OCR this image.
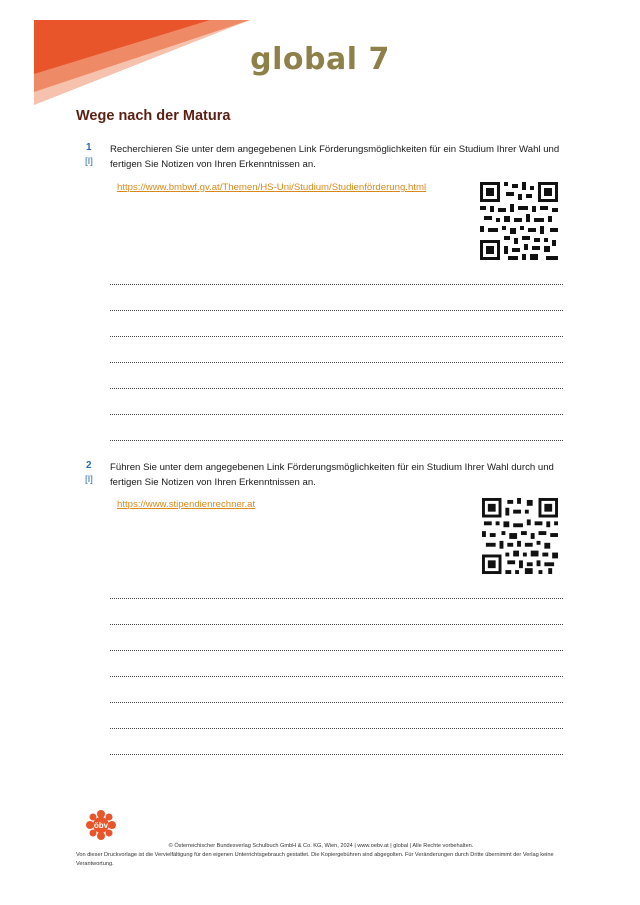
global 7
Wege nach der Matura
1
[I]
Recherchieren Sie unter dem angegebenen Link Förderungsmöglichkeiten für ein Studium Ihrer Wahl und fertigen Sie Notizen von Ihren Erkenntnissen an.
https://www.bmbwf.gv.at/Themen/HS-Uni/Studium/Studienförderung.html
2
[I]
Führen Sie unter dem angegebenen Link Förderungsmöglichkeiten für ein Studium Ihrer Wahl durch und fertigen Sie Notizen von Ihren Erkenntnissen an.
https://www.stipendienrechner.at
öbv
© Österreichischer Bundesverlag Schulbuch GmbH & Co. KG, Wien, 2024 | www.oebv.at | global | Alle Rechte vorbehalten.
Von dieser Druckvorlage ist die Vervielfältigung für den eigenen Unterrichtsgebrauch gestattet. Die Kopiergebühren sind abgegolten. Für Veränderungen durch Dritte übernimmt der Verlag keine Verantwortung.
